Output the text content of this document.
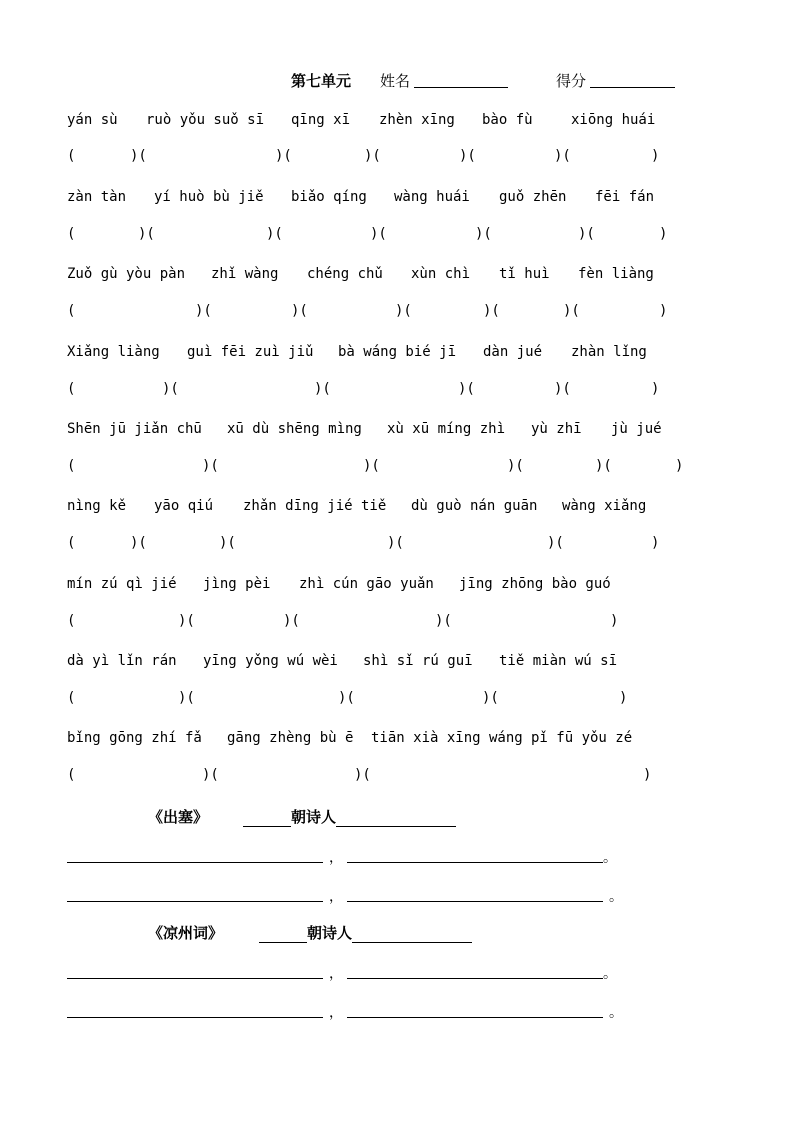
第七单元 姓名	得分
yán sù ruò yǒu suǒ sī qīng xī zhèn xīng bào fù	xiōng huái
(	)(	)(	)(	)(	)(	)
zàn tàn yí huò bù jiě biǎo qíng wàng huái guǒ zhēn fēi fán
(	)(	)(	)(	)(	)(	)
Zuǒ gù yòu pàn zhǐ wàng chéng chǔ xùn chì tǐ huì fèn liàng
(	)(	)(	)(	)(	)(	)
Xiǎng liàng guì fēi zuì jiǔ bà wáng bié jī dàn jué zhàn lǐng
(	)(	)(	)(	)(	)
Shēn jū jiǎn chū xū dù shēng mìng xù xū míng zhì yù zhī jù jué
(	)(	)(	)(	)(	)
nìng kě yāo qiú zhǎn dīng jié tiě dù guò nán guān wàng xiǎng
(	)(	)(	)(	)(	)
mín zú qì jié jìng pèi zhì cún gāo yuǎn jīng zhōng bào guó
(	)(	)(	)(	)
dà yì lǐn rán yīng yǒng wú wèi shì sǐ rú guī tiě miàn wú sī
(	)(	)(	)(	)
bǐng gōng zhí fǎ gāng zhèng bù ē tiān xià xīng wáng pǐ fū yǒu zé
(	)(	)(	)
《出塞》	朝诗人
，	。
，	。
《凉州词》	朝诗人
，	。
，	。
